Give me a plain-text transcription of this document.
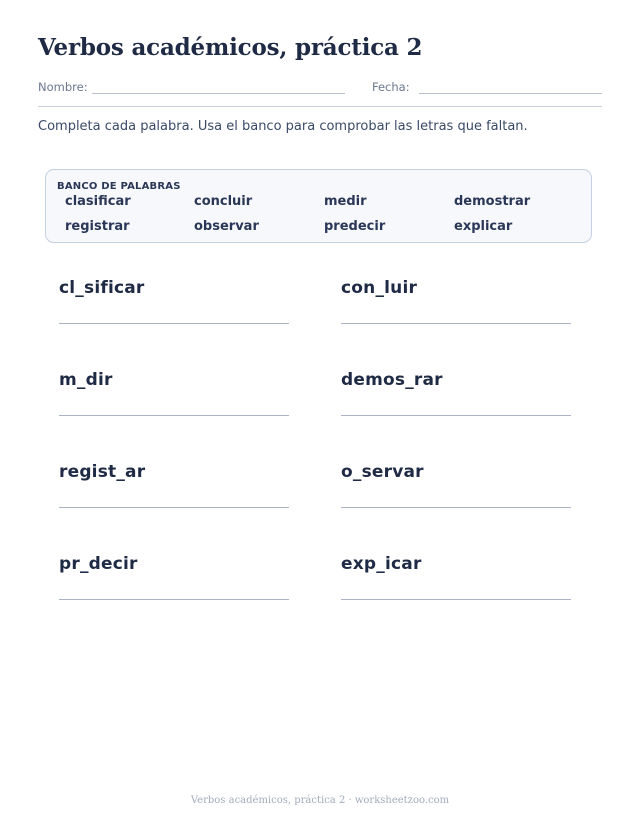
Verbos académicos, práctica 2
Nombre:	Fecha:
Completa cada palabra. Usa el banco para comprobar las letras que faltan.
BANCO DE PALABRAS
clasificar	concluir	medir	demostrar
registrar	observar	predecir	explicar
cl_sificar	con_luir
m_dir	demos_rar
regist_ar	o_servar
pr_decir	exp_icar
Verbos académicos, práctica 2 · worksheetzoo.com
